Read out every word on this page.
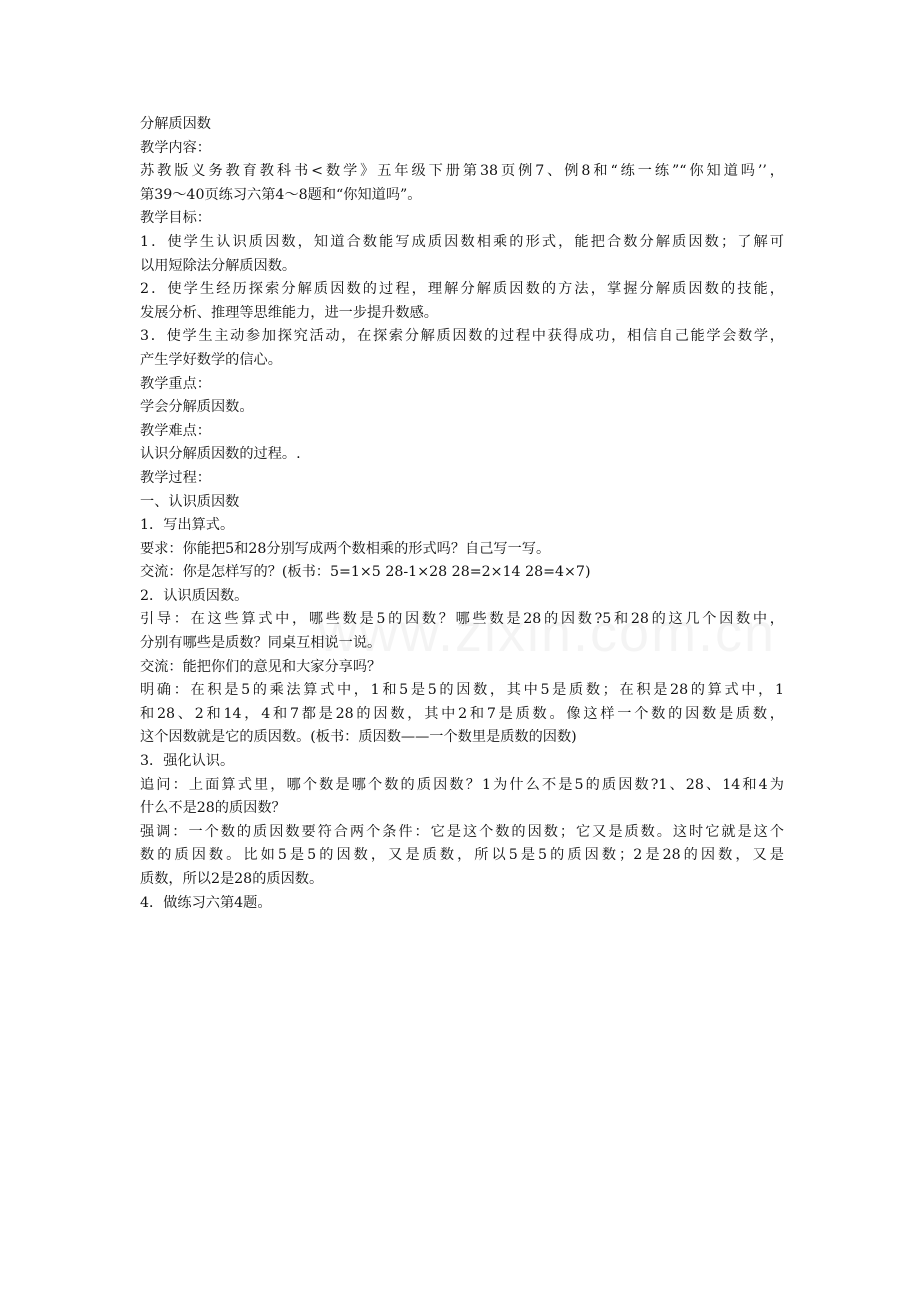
分解质因数
教学内容：
苏教版义务教育教科书<数学》五年级下册第38页例7、例8和“练一练”“你知道吗’’，
第39～40页练习六第4～8题和“你知道吗”。
教学目标：
1．使学生认识质因数，知道合数能写成质因数相乘的形式，能把合数分解质因数；了解可
以用短除法分解质因数。
2．使学生经历探索分解质因数的过程，理解分解质因数的方法，掌握分解质因数的技能，
发展分析、推理等思维能力，进一步提升数感。
3．使学生主动参加探究活动，在探索分解质因数的过程中获得成功，相信自己能学会数学，
产生学好数学的信心。
教学重点：
学会分解质因数。
教学难点：
认识分解质因数的过程。.
教学过程：
一、认识质因数
1．写出算式。
要求：你能把5和28分别写成两个数相乘的形式吗？自己写一写。
交流：你是怎样写的？(板书：5=1×5 28-1×28 28=2×14 28=4×7)
2．认识质因数。
引导：在这些算式中，哪些数是5的因数？哪些数是28的因数?5和28的这几个因数中，
分别有哪些是质数？同桌互相说一说。
交流：能把你们的意见和大家分享吗？
明确：在积是5的乘法算式中，1和5是5的因数，其中5是质数；在积是28的算式中，1
和28、2和14，4和7都是28的因数，其中2和7是质数。像这样一个数的因数是质数，
这个因数就是它的质因数。(板书：质因数——一个数里是质数的因数)
3．强化认识。
追问：上面算式里，哪个数是哪个数的质因数？1为什么不是5的质因数?1、28、14和4为
什么不是28的质因数？
强调：一个数的质因数要符合两个条件：它是这个数的因数；它又是质数。这时它就是这个
数的质因数。比如5是5的因数，又是质数，所以5是5的质因数；2是28的因数，又是
质数，所以2是28的质因数。
4．做练习六第4题。
